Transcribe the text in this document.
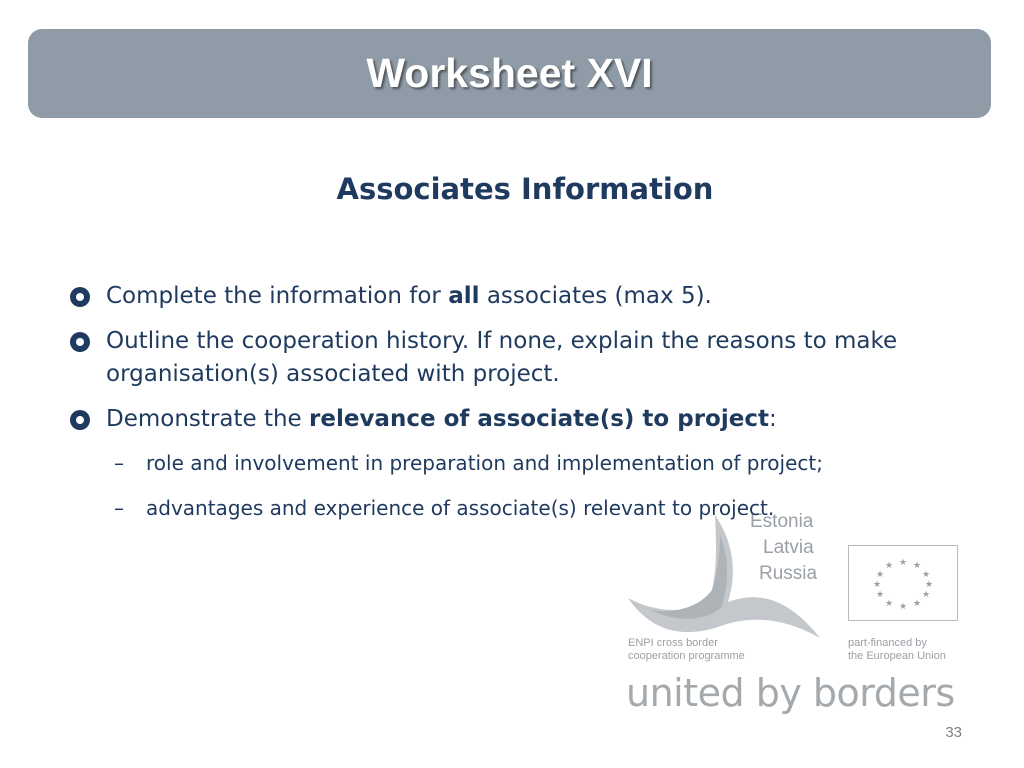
Worksheet XVI
Associates Information
Estonia
Latvia
Russia	★ ★
★
★
★
★
★
★
★
★
★
★
ENPI cross border
cooperation programme
part-financed by
the European Union
united by borders
Complete the information for all associates (max 5).
Outline the cooperation history. If none, explain the reasons to make organisation(s) associated with project.
Demonstrate the relevance of associate(s) to project:
– role and involvement in preparation and implementation of project;
– advantages and experience of associate(s) relevant to project.
33
